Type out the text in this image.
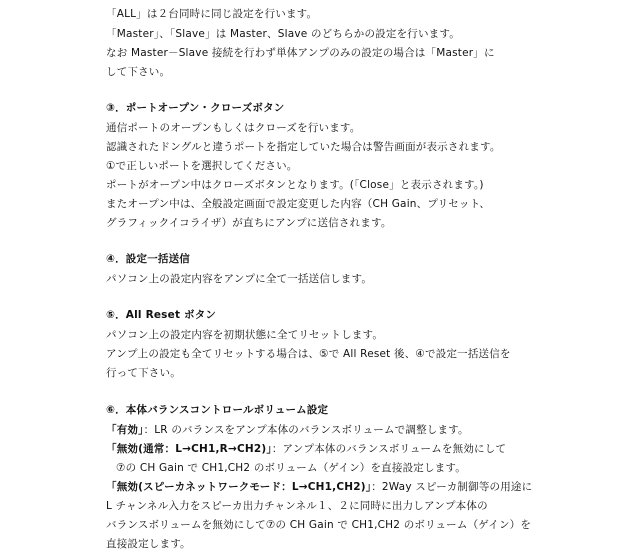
「ALL」は２台同時に同じ設定を行います。
「Master」、「Slave」は Master、Slave のどちらかの設定を行います。
なお Master－Slave 接続を行わず単体アンプのみの設定の場合は「Master」に
して下さい。
③．ポートオープン・クローズボタン
通信ポートのオープンもしくはクローズを行います。
認識されたドングルと違うポートを指定していた場合は警告画面が表示されます。
①で正しいポートを選択してください。
ポートがオープン中はクローズボタンとなります。(「Close」と表示されます。)
またオープン中は、全般設定画面で設定変更した内容（CH Gain、プリセット、
グラフィックイコライザ）が直ちにアンプに送信されます。
④．設定一括送信
パソコン上の設定内容をアンプに全て一括送信します。
⑤．All Reset ボタン
パソコン上の設定内容を初期状態に全てリセットします。
アンプ上の設定も全てリセットする場合は、⑤で All Reset 後、④で設定一括送信を
行って下さい。
⑥．本体バランスコントロールボリューム設定
「有効」：LR のバランスをアンプ本体のバランスボリュームで調整します。
「無効(通常：L→CH1,R→CH2)」：アンプ本体のバランスボリュームを無効にして
⑦の CH Gain で CH1,CH2 のボリューム（ゲイン）を直接設定します。
「無効(スピーカネットワークモード：L→CH1,CH2)」：2Way スピーカ制御等の用途に
L チャンネル入力をスピーカ出力チャンネル１、２に同時に出力しアンプ本体の
バランスボリュームを無効にして⑦の CH Gain で CH1,CH2 のボリューム（ゲイン）を
直接設定します。
